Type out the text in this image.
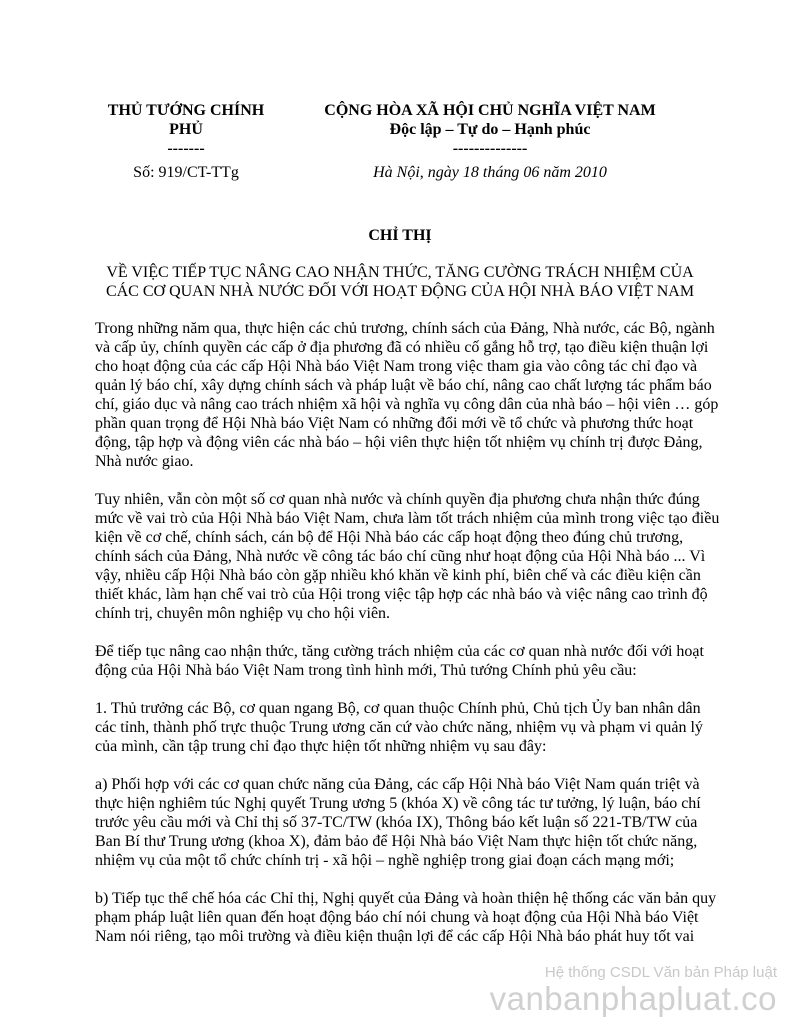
THỦ TƯỚNG CHÍNH
PHỦ
-------
CỘNG HÒA XÃ HỘI CHỦ NGHĨA VIỆT NAM
Độc lập – Tự do – Hạnh phúc
--------------
Số: 919/CT-TTg	Hà Nội, ngày 18 tháng 06 năm 2010
CHỈ THỊ
VỀ VIỆC TIẾP TỤC NÂNG CAO NHẬN THỨC, TĂNG CƯỜNG TRÁCH NHIỆM CỦA
CÁC CƠ QUAN NHÀ NƯỚC ĐỐI VỚI HOẠT ĐỘNG CỦA HỘI NHÀ BÁO VIỆT NAM

Trong những năm qua, thực hiện các chủ trương, chính sách của Đảng, Nhà nước, các Bộ, ngành và cấp ủy, chính quyền các cấp ở địa phương đã có nhiều cố gắng hỗ trợ, tạo điều kiện thuận lợi cho hoạt động của các cấp Hội Nhà báo Việt Nam trong việc tham gia vào công tác chỉ đạo và quản lý báo chí, xây dựng chính sách và pháp luật về báo chí, nâng cao chất lượng tác phẩm báo chí, giáo dục và nâng cao trách nhiệm xã hội và nghĩa vụ công dân của nhà báo – hội viên … góp phần quan trọng để Hội Nhà báo Việt Nam có những đổi mới về tổ chức và phương thức hoạt động, tập hợp và động viên các nhà báo – hội viên thực hiện tốt nhiệm vụ chính trị được Đảng, Nhà nước giao.

Tuy nhiên, vẫn còn một số cơ quan nhà nước và chính quyền địa phương chưa nhận thức đúng mức về vai trò của Hội Nhà báo Việt Nam, chưa làm tốt trách nhiệm của mình trong việc tạo điều kiện về cơ chế, chính sách, cán bộ để Hội Nhà báo các cấp hoạt động theo đúng chủ trương, chính sách của Đảng, Nhà nước về công tác báo chí cũng như hoạt động của Hội Nhà báo ... Vì vậy, nhiều cấp Hội Nhà báo còn gặp nhiều khó khăn về kinh phí, biên chế và các điều kiện cần thiết khác, làm hạn chế vai trò của Hội trong việc tập hợp các nhà báo và việc nâng cao trình độ chính trị, chuyên môn nghiệp vụ cho hội viên.

Để tiếp tục nâng cao nhận thức, tăng cường trách nhiệm của các cơ quan nhà nước đối với hoạt động của Hội Nhà báo Việt Nam trong tình hình mới, Thủ tướng Chính phủ yêu cầu:

1. Thủ trưởng các Bộ, cơ quan ngang Bộ, cơ quan thuộc Chính phủ, Chủ tịch Ủy ban nhân dân các tỉnh, thành phố trực thuộc Trung ương căn cứ vào chức năng, nhiệm vụ và phạm vi quản lý của mình, cần tập trung chỉ đạo thực hiện tốt những nhiệm vụ sau đây:

a) Phối hợp với các cơ quan chức năng của Đảng, các cấp Hội Nhà báo Việt Nam quán triệt và thực hiện nghiêm túc Nghị quyết Trung ương 5 (khóa X) về công tác tư tưởng, lý luận, báo chí trước yêu cầu mới và Chỉ thị số 37-TC/TW (khóa IX), Thông báo kết luận số 221-TB/TW của Ban Bí thư Trung ương (khoa X), đảm bảo để Hội Nhà báo Việt Nam thực hiện tốt chức năng, nhiệm vụ của một tổ chức chính trị - xã hội – nghề nghiệp trong giai đoạn cách mạng mới;

b) Tiếp tục thể chế hóa các Chỉ thị, Nghị quyết của Đảng và hoàn thiện hệ thống các văn bản quy phạm pháp luật liên quan đến hoạt động báo chí nói chung và hoạt động của Hội Nhà báo Việt Nam nói riêng, tạo môi trường và điều kiện thuận lợi để các cấp Hội Nhà báo phát huy tốt vai

Hệ thống CSDL Văn bản Pháp luật
vanbanphapluat.co
